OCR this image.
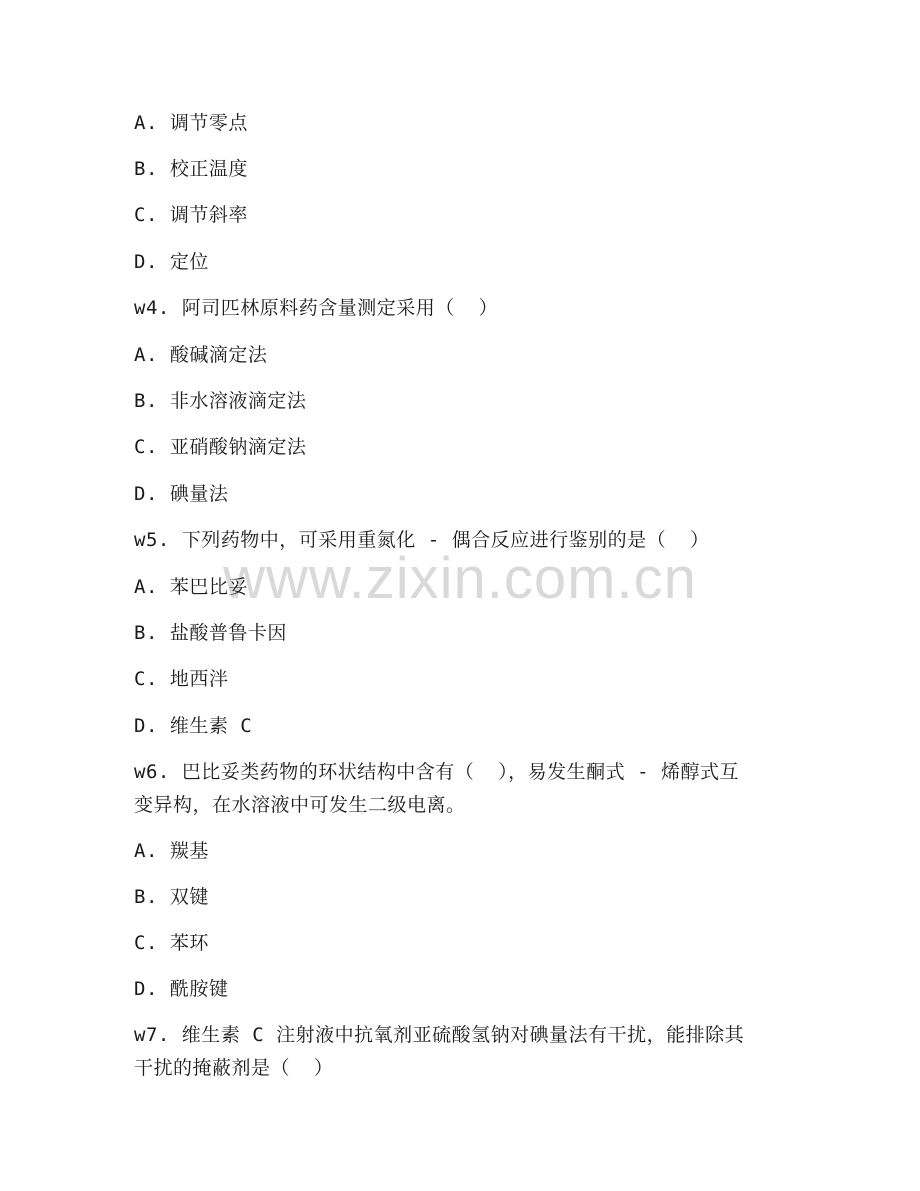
www.zixin.com.cn
A. 调节零点
B. 校正温度
C. 调节斜率
D. 定位
w4. 阿司匹林原料药含量测定采用（  ）
A. 酸碱滴定法
B. 非水溶液滴定法
C. 亚硝酸钠滴定法
D. 碘量法
w5. 下列药物中，可采用重氮化 - 偶合反应进行鉴别的是（  ）
A. 苯巴比妥
B. 盐酸普鲁卡因
C. 地西泮
D. 维生素 C
w6. 巴比妥类药物的环状结构中含有（  ），易发生酮式 - 烯醇式互
变异构，在水溶液中可发生二级电离。
A. 羰基
B. 双键
C. 苯环
D. 酰胺键
w7. 维生素 C 注射液中抗氧剂亚硫酸氢钠对碘量法有干扰，能排除其
干扰的掩蔽剂是（  ）
